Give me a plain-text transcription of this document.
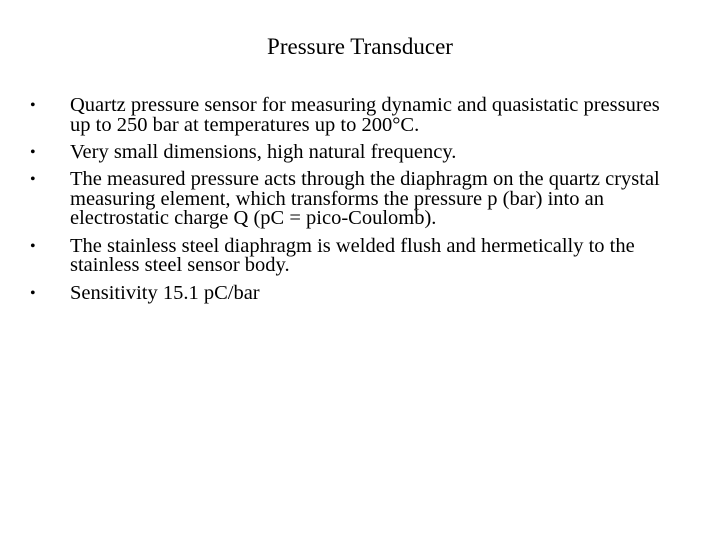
Pressure Transducer
•	Quartz pressure sensor for measuring dynamic and quasistatic pressures up to 250 bar at temperatures up to 200°C.
•	Very small dimensions, high natural frequency.
•	The measured pressure acts through the diaphragm on the quartz crystal measuring element, which transforms the pressure p (bar) into an electrostatic charge Q (pC = pico-Coulomb).
•	The stainless steel diaphragm is welded flush and hermetically to the stainless steel sensor body.
•	Sensitivity 15.1 pC/bar
